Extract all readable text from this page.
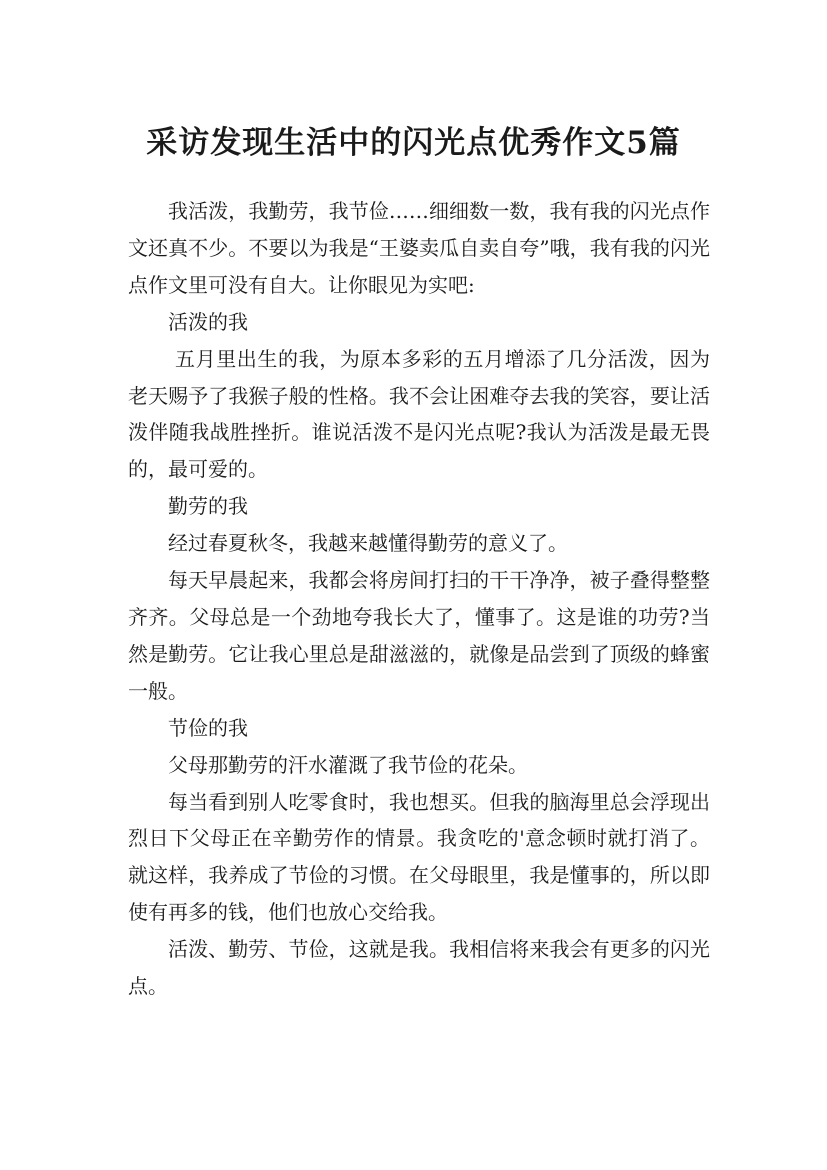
采访发现生活中的闪光点优秀作文5篇

我活泼，我勤劳，我节俭……细细数一数，我有我的闪光点作文还真不少。不要以为我是“王婆卖瓜自卖自夸”哦，我有我的闪光点作文里可没有自大。让你眼见为实吧:

活泼的我

五月里出生的我，为原本多彩的五月增添了几分活泼，因为老天赐予了我猴子般的性格。我不会让困难夺去我的笑容，要让活泼伴随我战胜挫折。谁说活泼不是闪光点呢?我认为活泼是最无畏的，最可爱的。

勤劳的我

经过春夏秋冬，我越来越懂得勤劳的意义了。

每天早晨起来，我都会将房间打扫的干干净净，被子叠得整整齐齐。父母总是一个劲地夸我长大了，懂事了。这是谁的功劳?当然是勤劳。它让我心里总是甜滋滋的，就像是品尝到了顶级的蜂蜜一般。

节俭的我

父母那勤劳的汗水灌溉了我节俭的花朵。

每当看到别人吃零食时，我也想买。但我的脑海里总会浮现出烈日下父母正在辛勤劳作的情景。我贪吃的'意念顿时就打消了。就这样，我养成了节俭的习惯。在父母眼里，我是懂事的，所以即使有再多的钱，他们也放心交给我。

活泼、勤劳、节俭，这就是我。我相信将来我会有更多的闪光点。
